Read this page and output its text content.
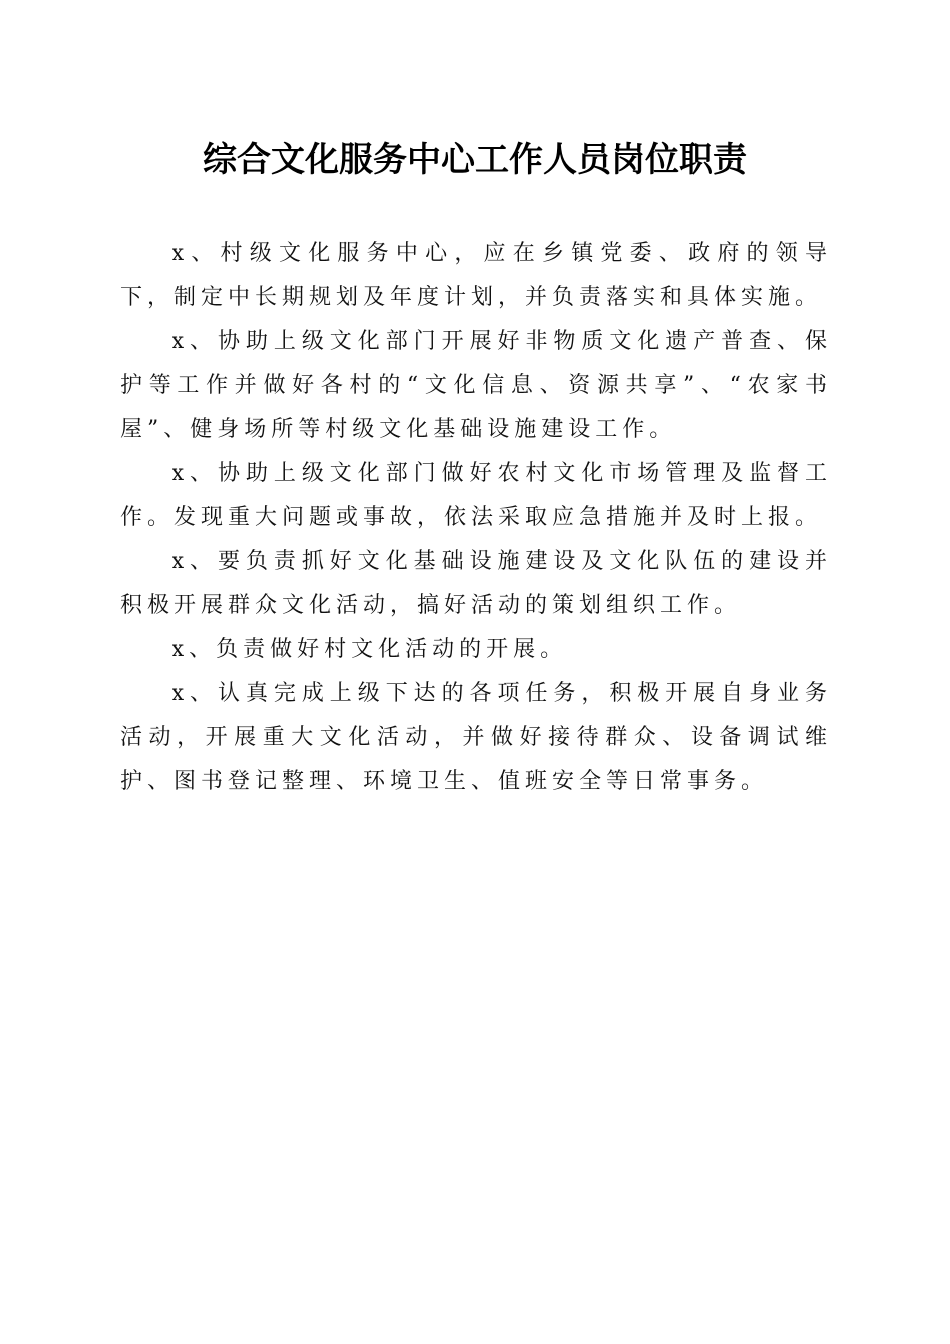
综合文化服务中心工作人员岗位职责

x、村级文化服务中心，应在乡镇党委、政府的领导下，制定中长期规划及年度计划，并负责落实和具体实施。

x、协助上级文化部门开展好非物质文化遗产普查、保护等工作并做好各村的“文化信息、资源共享”、“农家书屋”、健身场所等村级文化基础设施建设工作。

x、协助上级文化部门做好农村文化市场管理及监督工作。发现重大问题或事故，依法采取应急措施并及时上报。

x、要负责抓好文化基础设施建设及文化队伍的建设并积极开展群众文化活动，搞好活动的策划组织工作。

x、负责做好村文化活动的开展。

x、认真完成上级下达的各项任务，积极开展自身业务活动，开展重大文化活动，并做好接待群众、设备调试维护、图书登记整理、环境卫生、值班安全等日常事务。
